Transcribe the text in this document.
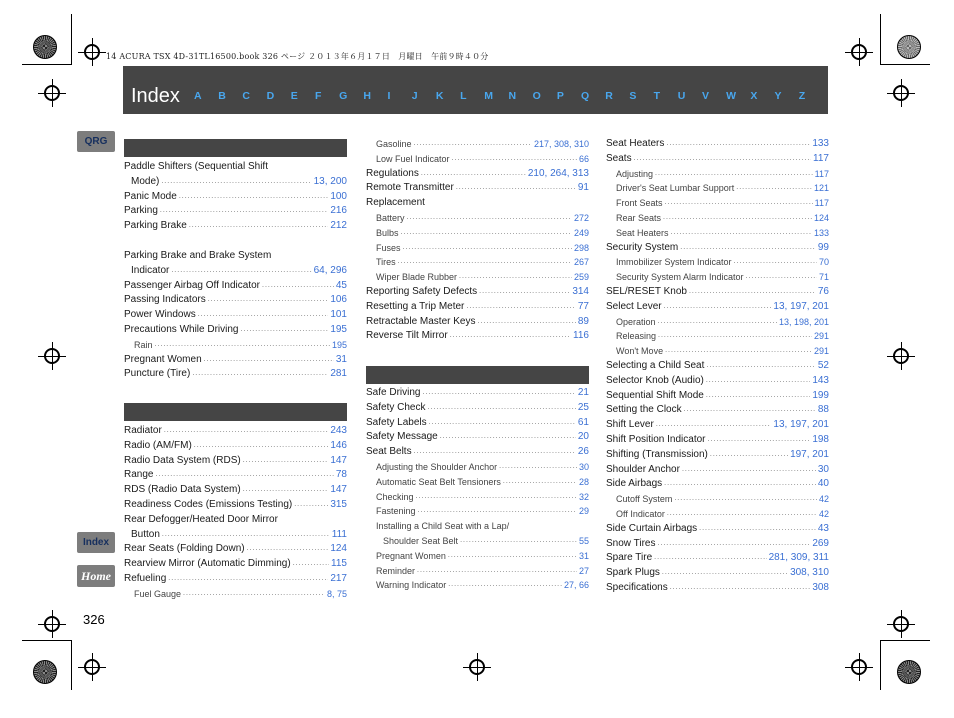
14 ACURA TSX 4D-31TL16500.book 326 ページ ２０１３年６月１７日　月曜日　午前９時４０分
Index A	B	C	D	E	F	G	H	I	J	K	L	M	N	O	P	Q	R	S	T	U	V	W	X	Y	Z
QRG
Index
Home
326
Paddle Shifters (Sequential Shift
Mode) .....	13, 200
Panic Mode .....	100
Parking .....	216
Parking Brake .....	212
Parking Brake and Brake System
Indicator .....	64, 296
Passenger Airbag Off Indicator .....	45
Passing Indicators .....	106
Power Windows .....	101
Precautions While Driving .....	195
Rain .....	195
Pregnant Women .....	31
Puncture (Tire) .....	281
Radiator .....	243
Radio (AM/FM) .....	146
Radio Data System (RDS) .....	147
Range .....	78
RDS (Radio Data System) .....	147
Readiness Codes (Emissions Testing) .....	315
Rear Defogger/Heated Door Mirror
Button .....	111
Rear Seats (Folding Down) .....	124
Rearview Mirror (Automatic Dimming) .....	115
Refueling .....	217
Fuel Gauge .....	8, 75
Gasoline .....	217, 308, 310
Low Fuel Indicator .....	66
Regulations .....	210, 264, 313
Remote Transmitter .....	91
Replacement
Battery .....	272
Bulbs .....	249
Fuses .....	298
Tires .....	267
Wiper Blade Rubber .....	259
Reporting Safety Defects .....	314
Resetting a Trip Meter .....	77
Retractable Master Keys .....	89
Reverse Tilt Mirror .....	116
Safe Driving .....	21
Safety Check .....	25
Safety Labels .....	61
Safety Message .....	20
Seat Belts .....	26
Adjusting the Shoulder Anchor .....	30
Automatic Seat Belt Tensioners .....	28
Checking .....	32
Fastening .....	29
Installing a Child Seat with a Lap/
Shoulder Seat Belt .....	55
Pregnant Women .....	31
Reminder .....	27
Warning Indicator .....	27, 66
Seat Heaters .....	133
Seats .....	117
Adjusting .....	117
Driver's Seat Lumbar Support .....	121
Front Seats .....	117
Rear Seats .....	124
Seat Heaters .....	133
Security System .....	99
Immobilizer System Indicator .....	70
Security System Alarm Indicator .....	71
SEL/RESET Knob .....	76
Select Lever .....	13, 197, 201
Operation .....	13, 198, 201
Releasing .....	291
Won't Move .....	291
Selecting a Child Seat .....	52
Selector Knob (Audio) .....	143
Sequential Shift Mode .....	199
Setting the Clock .....	88
Shift Lever .....	13, 197, 201
Shift Position Indicator .....	198
Shifting (Transmission) .....	197, 201
Shoulder Anchor .....	30
Side Airbags .....	40
Cutoff System .....	42
Off Indicator .....	42
Side Curtain Airbags .....	43
Snow Tires .....	269
Spare Tire .....	281, 309, 311
Spark Plugs .....	308, 310
Specifications .....	308
